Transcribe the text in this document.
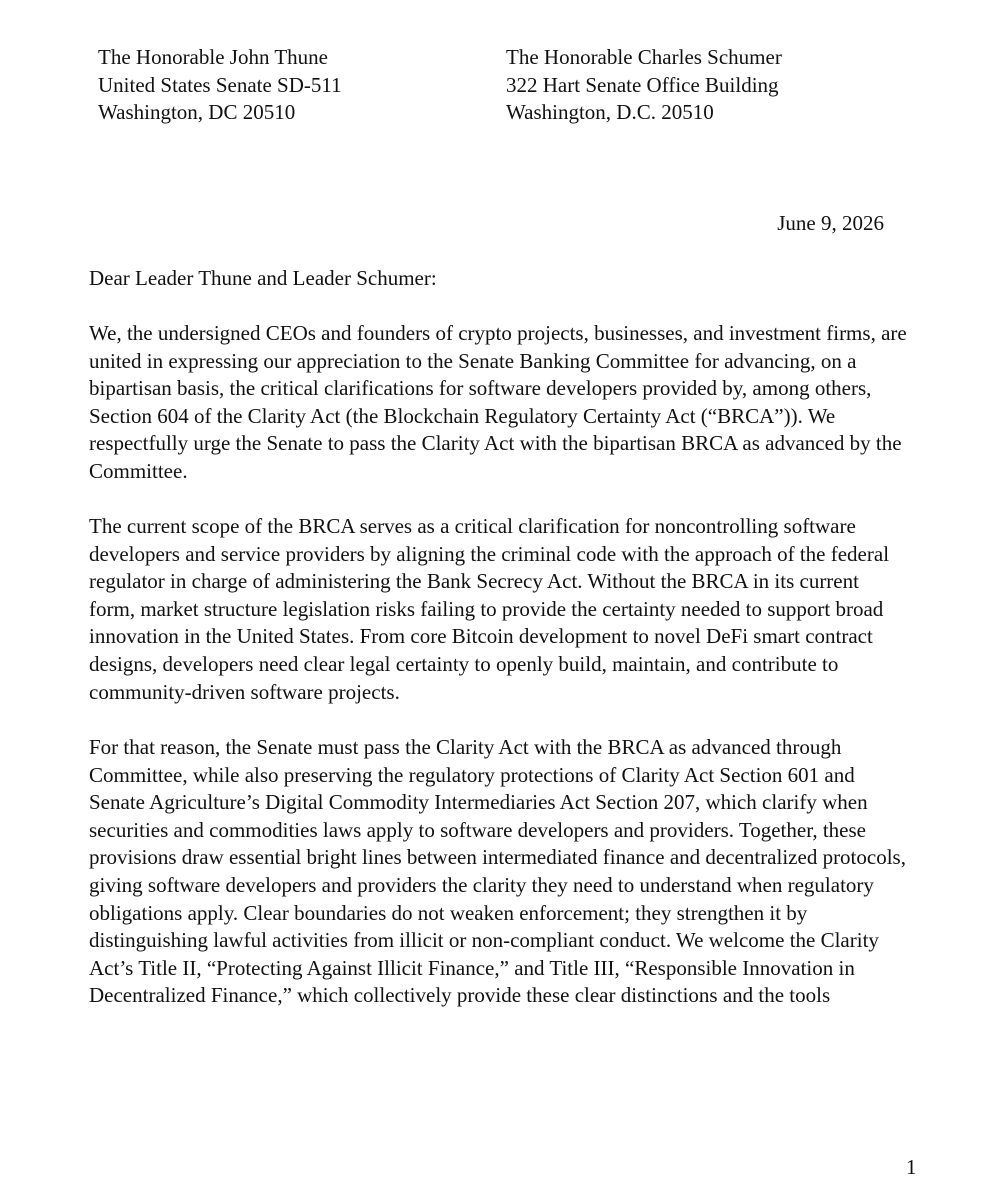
The Honorable John Thune
United States Senate SD-511
Washington, DC 20510
The Honorable Charles Schumer
322 Hart Senate Office Building
Washington, D.C. 20510
June 9, 2026
Dear Leader Thune and Leader Schumer:
We, the undersigned CEOs and founders of crypto projects, businesses, and investment firms, are
united in expressing our appreciation to the Senate Banking Committee for advancing, on a
bipartisan basis, the critical clarifications for software developers provided by, among others,
Section 604 of the Clarity Act (the Blockchain Regulatory Certainty Act (“BRCA”)). We
respectfully urge the Senate to pass the Clarity Act with the bipartisan BRCA as advanced by the
Committee.
The current scope of the BRCA serves as a critical clarification for noncontrolling software
developers and service providers by aligning the criminal code with the approach of the federal
regulator in charge of administering the Bank Secrecy Act. Without the BRCA in its current
form, market structure legislation risks failing to provide the certainty needed to support broad
innovation in the United States. From core Bitcoin development to novel DeFi smart contract
designs, developers need clear legal certainty to openly build, maintain, and contribute to
community-driven software projects.
For that reason, the Senate must pass the Clarity Act with the BRCA as advanced through
Committee, while also preserving the regulatory protections of Clarity Act Section 601 and
Senate Agriculture’s Digital Commodity Intermediaries Act Section 207, which clarify when
securities and commodities laws apply to software developers and providers. Together, these
provisions draw essential bright lines between intermediated finance and decentralized protocols,
giving software developers and providers the clarity they need to understand when regulatory
obligations apply. Clear boundaries do not weaken enforcement; they strengthen it by
distinguishing lawful activities from illicit or non-compliant conduct. We welcome the Clarity
Act’s Title II, “Protecting Against Illicit Finance,” and Title III, “Responsible Innovation in
Decentralized Finance,” which collectively provide these clear distinctions and the tools
1
